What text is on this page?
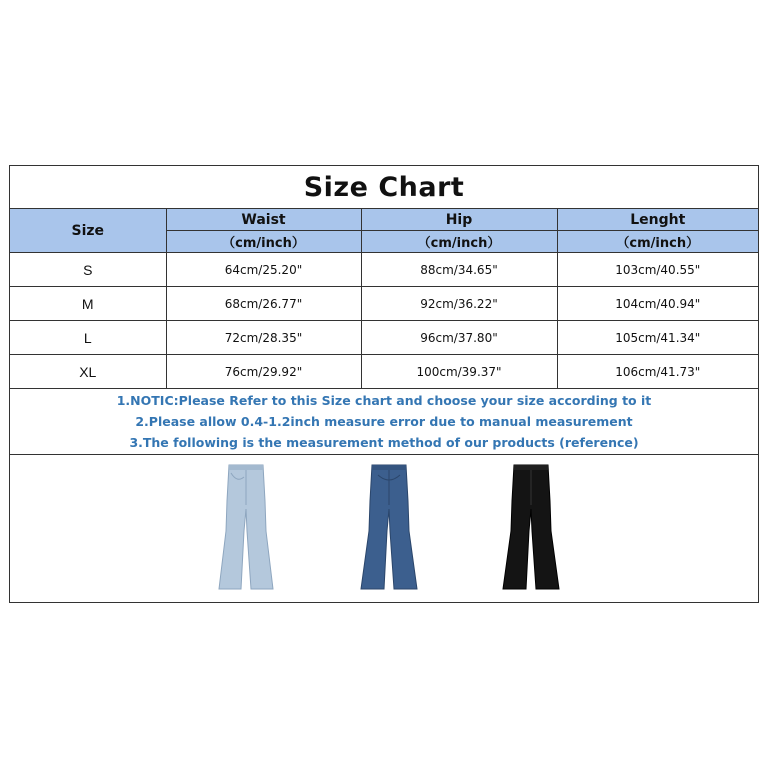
Size Chart
Size	Waist	Hip	Lenght
	（cm/inch）	（cm/inch）	（cm/inch）
S	64cm/25.20"	88cm/34.65"	103cm/40.55"
M	68cm/26.77"	92cm/36.22"	104cm/40.94"
L	72cm/28.35"	96cm/37.80"	105cm/41.34"
XL	76cm/29.92"	100cm/39.37"	106cm/41.73"
1.NOTIC:Please Refer to this Size chart and choose your size according to it
2.Please allow 0.4-1.2inch measure error due to manual measurement
3.The following is the measurement method of our products (reference)
